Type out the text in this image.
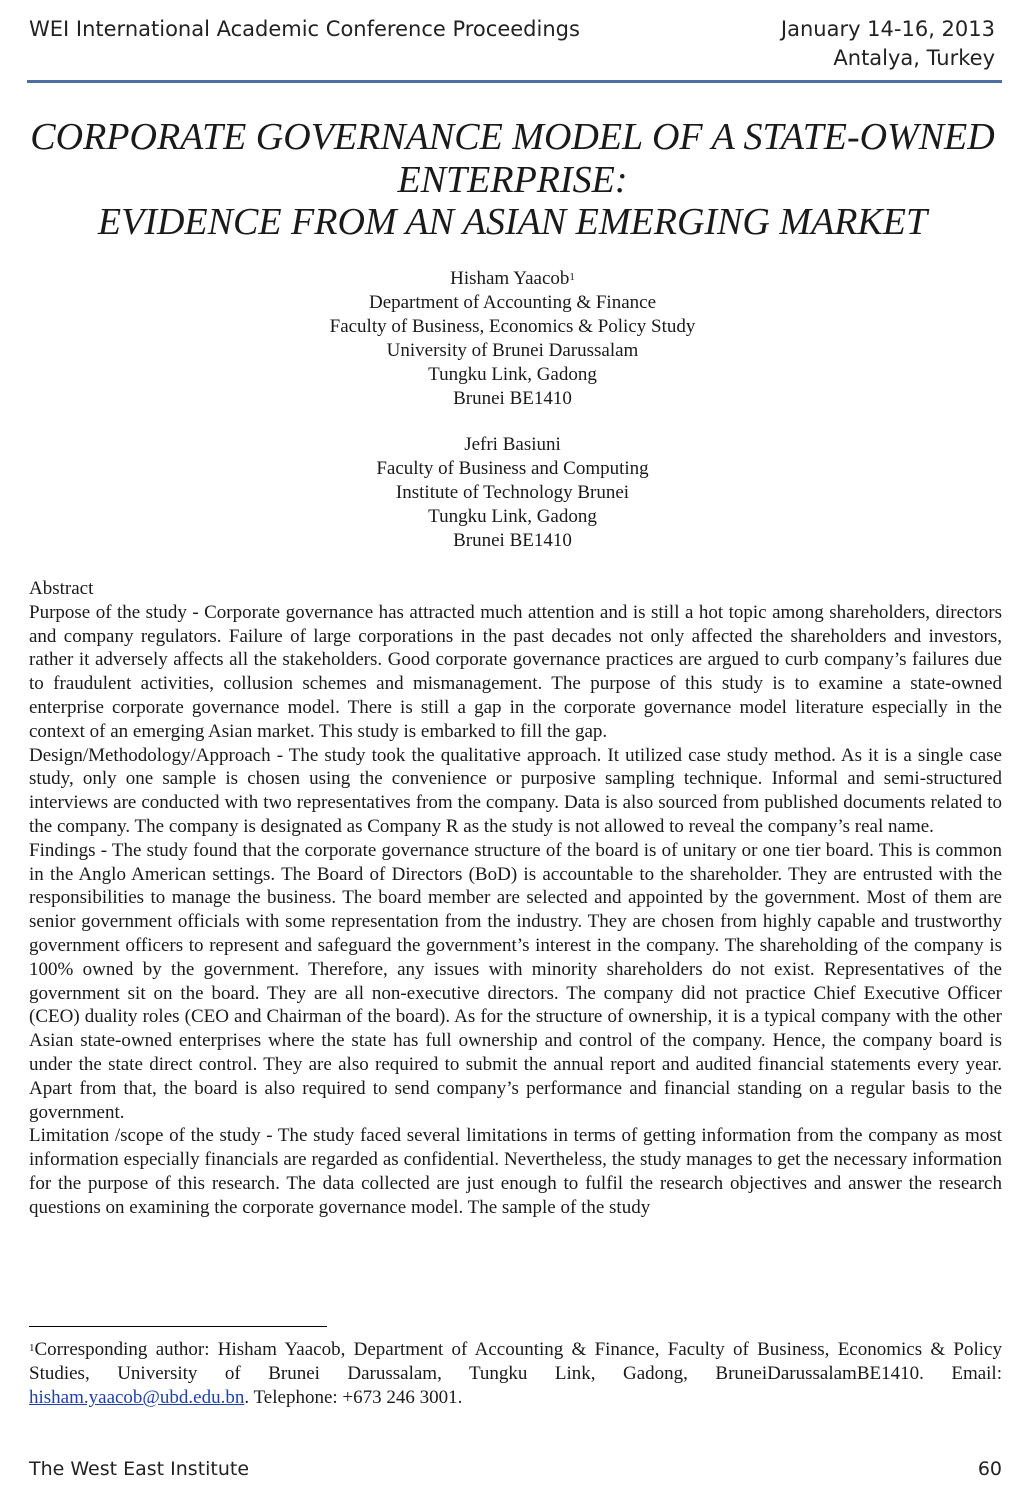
WEI International Academic Conference Proceedings	January 14-16, 2013
Antalya, Turkey
CORPORATE GOVERNANCE MODEL OF A STATE-OWNED
ENTERPRISE:
EVIDENCE FROM AN ASIAN EMERGING MARKET
Hisham Yaacob$^1$
Department of Accounting & Finance
Faculty of Business, Economics & Policy Study
University of Brunei Darussalam
Tungku Link, Gadong
Brunei BE1410
Jefri Basiuni
Faculty of Business and Computing
Institute of Technology Brunei
Tungku Link, Gadong
Brunei BE1410

Abstract

Purpose of the study - Corporate governance has attracted much attention and is still a hot topic among shareholders, directors and company regulators. Failure of large corporations in the past decades not only affected the shareholders and investors, rather it adversely affects all the stakeholders. Good corporate governance practices are argued to curb company’s failures due to fraudulent activities, collusion schemes and mismanagement. The purpose of this study is to examine a state-owned enterprise corporate governance model. There is still a gap in the corporate governance model literature especially in the context of an emerging Asian market. This study is embarked to fill the gap.

Design/Methodology/Approach - The study took the qualitative approach. It utilized case study method. As it is a single case study, only one sample is chosen using the convenience or purposive sampling technique. Informal and semi-structured interviews are conducted with two representatives from the company. Data is also sourced from published documents related to the company. The company is designated as Company R as the study is not allowed to reveal the company’s real name.

Findings - The study found that the corporate governance structure of the board is of unitary or one tier board. This is common in the Anglo American settings. The Board of Directors (BoD) is accountable to the shareholder. They are entrusted with the responsibilities to manage the business. The board member are selected and appointed by the government. Most of them are senior government officials with some representation from the industry. They are chosen from highly capable and trustworthy government officers to represent and safeguard the government’s interest in the company. The shareholding of the company is 100% owned by the government. Therefore, any issues with minority shareholders do not exist. Representatives of the government sit on the board. They are all non-executive directors. The company did not practice Chief Executive Officer (CEO) duality roles (CEO and Chairman of the board). As for the structure of ownership, it is a typical company with the other Asian state-owned enterprises where the state has full ownership and control of the company. Hence, the company board is under the state direct control. They are also required to submit the annual report and audited financial statements every year. Apart from that, the board is also required to send company’s performance and financial standing on a regular basis to the government.

Limitation /scope of the study - The study faced several limitations in terms of getting information from the company as most information especially financials are regarded as confidential. Nevertheless, the study manages to get the necessary information for the purpose of this research. The data collected are just enough to fulfil the research objectives and answer the research questions on examining the corporate governance model. The sample of the study

$^1$Corresponding author: Hisham Yaacob, Department of Accounting & Finance, Faculty of Business, Economics & Policy Studies, University of Brunei Darussalam, Tungku Link, Gadong, BruneiDarussalamBE1410. Email: hisham.yaacob@ubd.edu.bn. Telephone: +673 246 3001.
The West East Institute	60
